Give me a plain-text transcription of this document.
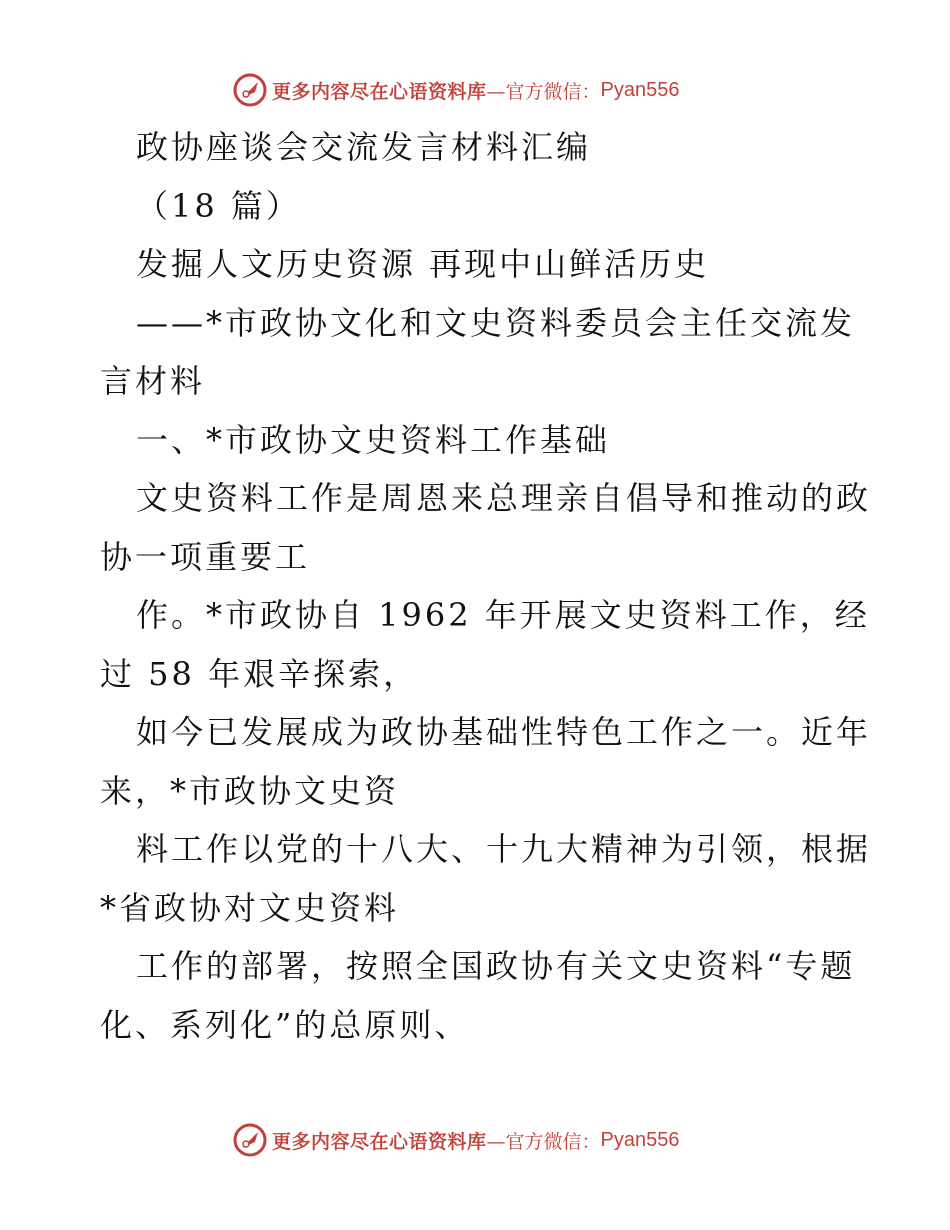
更多内容尽在心语资料库 —官方微信： Pyan556
政协座谈会交流发言材料汇编
（18 篇）
发掘人文历史资源 再现中山鲜活历史
——*市政协文化和文史资料委员会主任交流发
言材料
一、*市政协文史资料工作基础
文史资料工作是周恩来总理亲自倡导和推动的政
协一项重要工
作。*市政协自 1962 年开展文史资料工作，经
过 58 年艰辛探索，
如今已发展成为政协基础性特色工作之一。近年
来，*市政协文史资
料工作以党的十八大、十九大精神为引领，根据
*省政协对文史资料
工作的部署，按照全国政协有关文史资料“专题
化、系列化”的总原则、
更多内容尽在心语资料库 —官方微信： Pyan556
